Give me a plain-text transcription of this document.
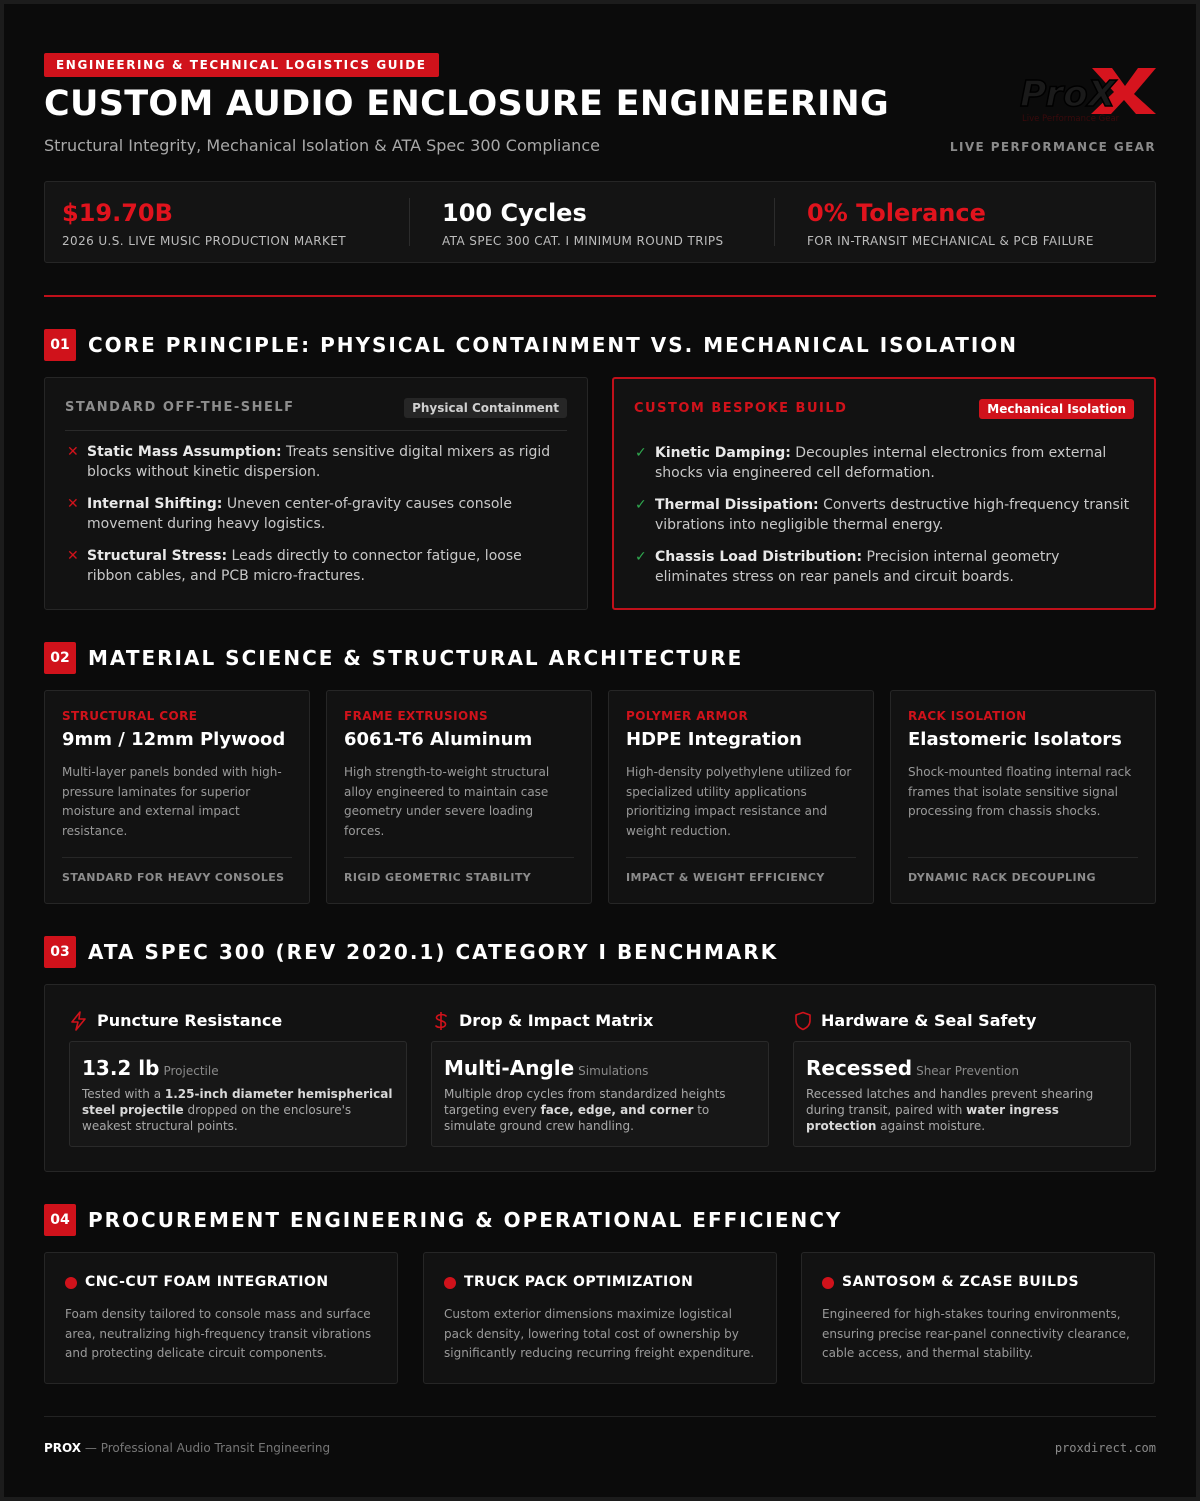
ENGINEERING & TECHNICAL LOGISTICS GUIDE
CUSTOM AUDIO ENCLOSURE ENGINEERING
Structural Integrity, Mechanical Isolation & ATA Spec 300 Compliance
ProX
Live Performance Gear
LIVE PERFORMANCE GEAR
$19.70B
2026 U.S. LIVE MUSIC PRODUCTION MARKET
100 Cycles
ATA SPEC 300 CAT. I MINIMUM ROUND TRIPS
0% Tolerance
FOR IN-TRANSIT MECHANICAL & PCB FAILURE
01 CORE PRINCIPLE: PHYSICAL CONTAINMENT VS. MECHANICAL ISOLATION
STANDARD OFF-THE-SHELF	Physical Containment
✕ Static Mass Assumption: Treats sensitive digital mixers as rigid blocks without kinetic dispersion.
✕ Internal Shifting: Uneven center-of-gravity causes console movement during heavy logistics.
✕ Structural Stress: Leads directly to connector fatigue, loose ribbon cables, and PCB micro-fractures.
CUSTOM BESPOKE BUILD	Mechanical Isolation
✓ Kinetic Damping: Decouples internal electronics from external shocks via engineered cell deformation.
✓ Thermal Dissipation: Converts destructive high-frequency transit vibrations into negligible thermal energy.
✓ Chassis Load Distribution: Precision internal geometry eliminates stress on rear panels and circuit boards.
02 MATERIAL SCIENCE & STRUCTURAL ARCHITECTURE
STRUCTURAL CORE
9mm / 12mm Plywood
Multi-layer panels bonded with high-pressure laminates for superior moisture and external impact resistance.
STANDARD FOR HEAVY CONSOLES
FRAME EXTRUSIONS
6061-T6 Aluminum
High strength-to-weight structural alloy engineered to maintain case geometry under severe loading forces.
RIGID GEOMETRIC STABILITY
POLYMER ARMOR
HDPE Integration
High-density polyethylene utilized for specialized utility applications prioritizing impact resistance and weight reduction.
IMPACT & WEIGHT EFFICIENCY
RACK ISOLATION
Elastomeric Isolators
Shock-mounted floating internal rack frames that isolate sensitive signal processing from chassis shocks.
DYNAMIC RACK DECOUPLING
03 ATA SPEC 300 (REV 2020.1) CATEGORY I BENCHMARK
Puncture Resistance
13.2 lb Projectile
Tested with a 1.25-inch diameter hemispherical steel projectile dropped on the enclosure's weakest structural points.
Drop & Impact Matrix
Multi-Angle Simulations
Multiple drop cycles from standardized heights targeting every face, edge, and corner to simulate ground crew handling.
Hardware & Seal Safety
Recessed Shear Prevention
Recessed latches and handles prevent shearing during transit, paired with water ingress protection against moisture.
04 PROCUREMENT ENGINEERING & OPERATIONAL EFFICIENCY
CNC-CUT FOAM INTEGRATION
Foam density tailored to console mass and surface area, neutralizing high-frequency transit vibrations and protecting delicate circuit components.
TRUCK PACK OPTIMIZATION
Custom exterior dimensions maximize logistical pack density, lowering total cost of ownership by significantly reducing recurring freight expenditure.
SANTOSOM & ZCASE BUILDS
Engineered for high-stakes touring environments, ensuring precise rear-panel connectivity clearance, cable access, and thermal stability.
PROX — Professional Audio Transit Engineering	proxdirect.com
